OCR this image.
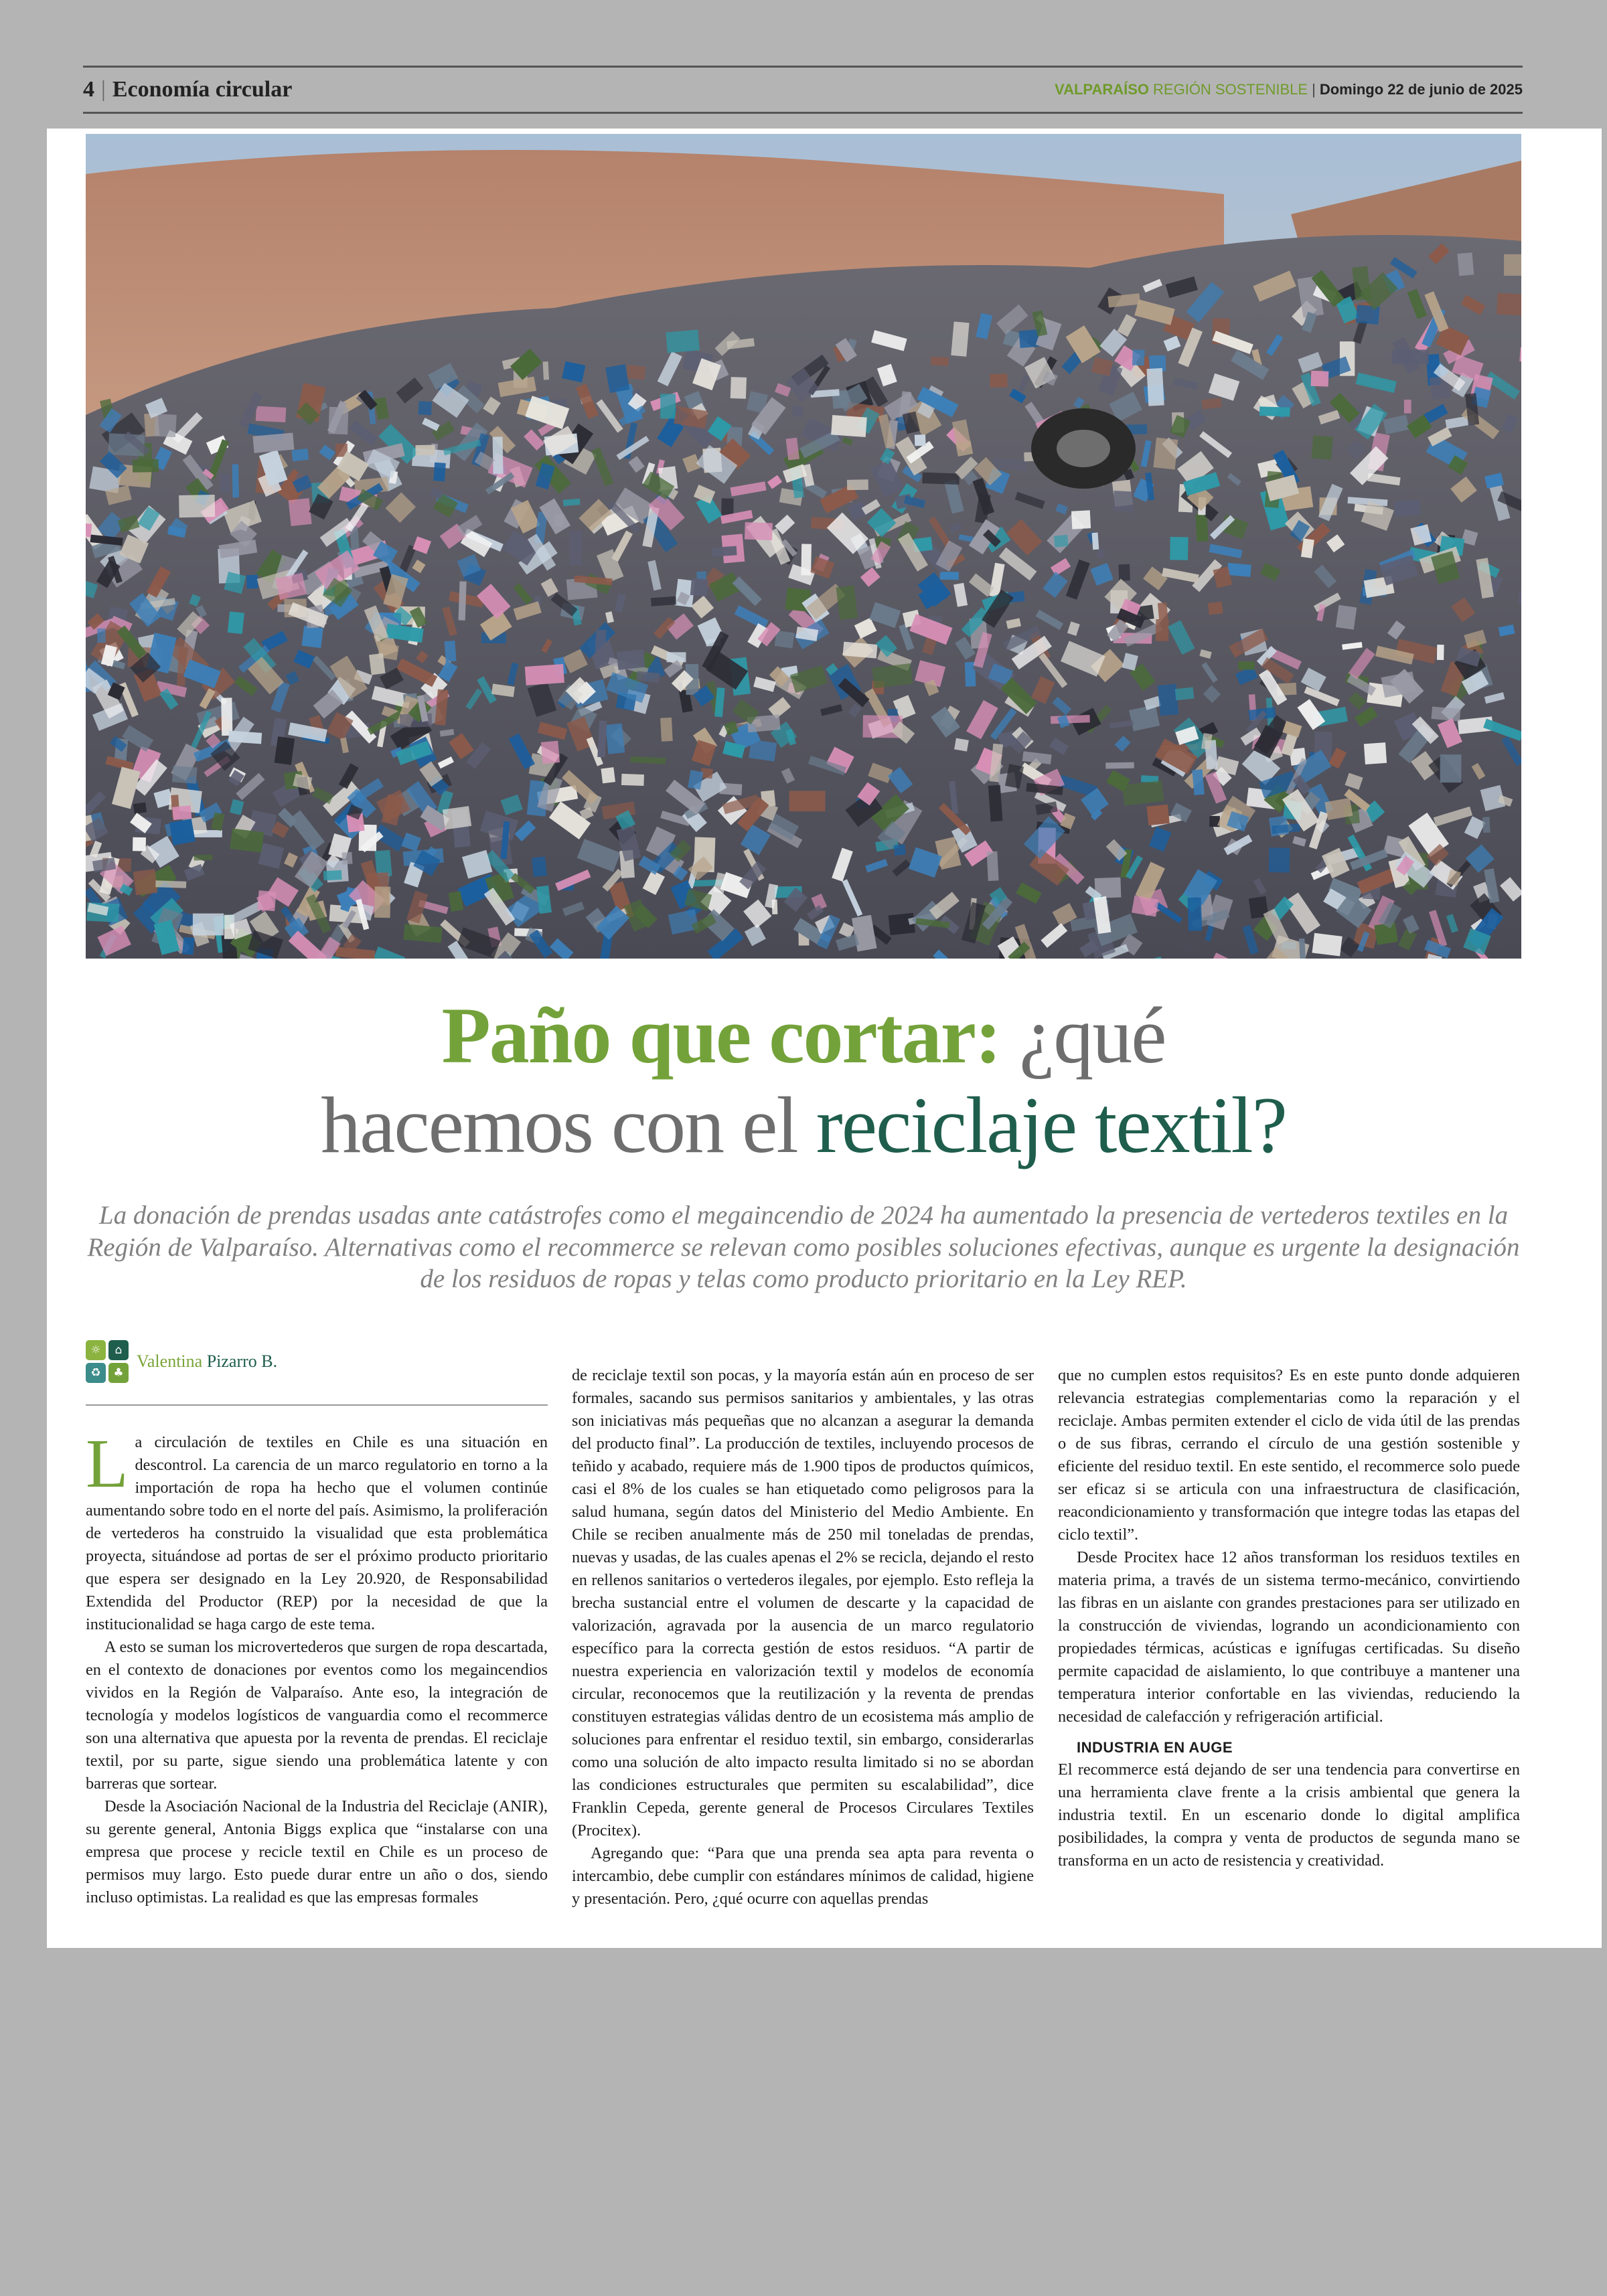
4 | Economía circular	VALPARAÍSO REGIÓN SOSTENIBLE | Domingo 22 de junio de 2025
Paño que cortar: ¿qué
hacemos con el reciclaje textil?
La donación de prendas usadas ante catástrofes como el megaincendio de 2024 ha aumentado la presencia de vertederos textiles en la Región de Valparaíso. Alternativas como el recommerce se relevan como posibles soluciones efectivas, aunque es urgente la designación de los residuos de ropas y telas como producto prioritario en la Ley REP.
☼	⌂
♻	♣
Valentina Pizarro B.

La circulación de textiles en Chile es una situación en descontrol. La carencia de un marco regulatorio en torno a la importación de ropa ha hecho que el volumen continúe aumentando sobre todo en el norte del país. Asimismo, la proliferación de vertederos ha construido la visualidad que esta problemática proyecta, situándose ad portas de ser el próximo producto prioritario que espera ser designado en la Ley 20.920, de Responsabilidad Extendida del Productor (REP) por la necesidad de que la institucionalidad se haga cargo de este tema.

A esto se suman los microvertederos que surgen de ropa descartada, en el contexto de donaciones por eventos como los megaincendios vividos en la Región de Valparaíso. Ante eso, la integración de tecnología y modelos logísticos de vanguardia como el recommerce son una alternativa que apuesta por la reventa de prendas. El reciclaje textil, por su parte, sigue siendo una problemática latente y con barreras que sortear.

Desde la Asociación Nacional de la Industria del Reciclaje (ANIR), su gerente general, Antonia Biggs explica que “instalarse con una empresa que procese y recicle textil en Chile es un proceso de permisos muy largo. Esto puede durar entre un año o dos, siendo incluso optimistas. La realidad es que las empresas formales

de reciclaje textil son pocas, y la mayoría están aún en proceso de ser formales, sacando sus permisos sanitarios y ambientales, y las otras son iniciativas más pequeñas que no alcanzan a asegurar la demanda del producto final”. La producción de textiles, incluyendo procesos de teñido y acabado, requiere más de 1.900 tipos de productos químicos, casi el 8% de los cuales se han etiquetado como peligrosos para la salud humana, según datos del Ministerio del Medio Ambiente. En Chile se reciben anualmente más de 250 mil toneladas de prendas, nuevas y usadas, de las cuales apenas el 2% se recicla, dejando el resto en rellenos sanitarios o vertederos ilegales, por ejemplo. Esto refleja la brecha sustancial entre el volumen de descarte y la capacidad de valorización, agravada por la ausencia de un marco regulatorio específico para la correcta gestión de estos residuos. “A partir de nuestra experiencia en valorización textil y modelos de economía circular, reconocemos que la reutilización y la reventa de prendas constituyen estrategias válidas dentro de un ecosistema más amplio de soluciones para enfrentar el residuo textil, sin embargo, considerarlas como una solución de alto impacto resulta limitado si no se abordan las condiciones estructurales que permiten su escalabilidad”, dice Franklin Cepeda, gerente general de Procesos Circulares Textiles (Procitex).

Agregando que: “Para que una prenda sea apta para reventa o intercambio, debe cumplir con estándares mínimos de calidad, higiene y presentación. Pero, ¿qué ocurre con aquellas prendas

que no cumplen estos requisitos? Es en este punto donde adquieren relevancia estrategias complementarias como la reparación y el reciclaje. Ambas permiten extender el ciclo de vida útil de las prendas o de sus fibras, cerrando el círculo de una gestión sostenible y eficiente del residuo textil. En este sentido, el recommerce solo puede ser eficaz si se articula con una infraestructura de clasificación, reacondicionamiento y transformación que integre todas las etapas del ciclo textil”.

Desde Procitex hace 12 años transforman los residuos textiles en materia prima, a través de un sistema termo-mecánico, convirtiendo las fibras en un aislante con grandes prestaciones para ser utilizado en la construcción de viviendas, logrando un acondicionamiento con propiedades térmicas, acústicas e ignífugas certificadas. Su diseño permite capacidad de aislamiento, lo que contribuye a mantener una temperatura interior confortable en las viviendas, reduciendo la necesidad de calefacción y refrigeración artificial.

INDUSTRIA EN AUGE

El recommerce está dejando de ser una tendencia para convertirse en una herramienta clave frente a la crisis ambiental que genera la industria textil. En un escenario donde lo digital amplifica posibilidades, la compra y venta de productos de segunda mano se transforma en un acto de resistencia y creatividad.
